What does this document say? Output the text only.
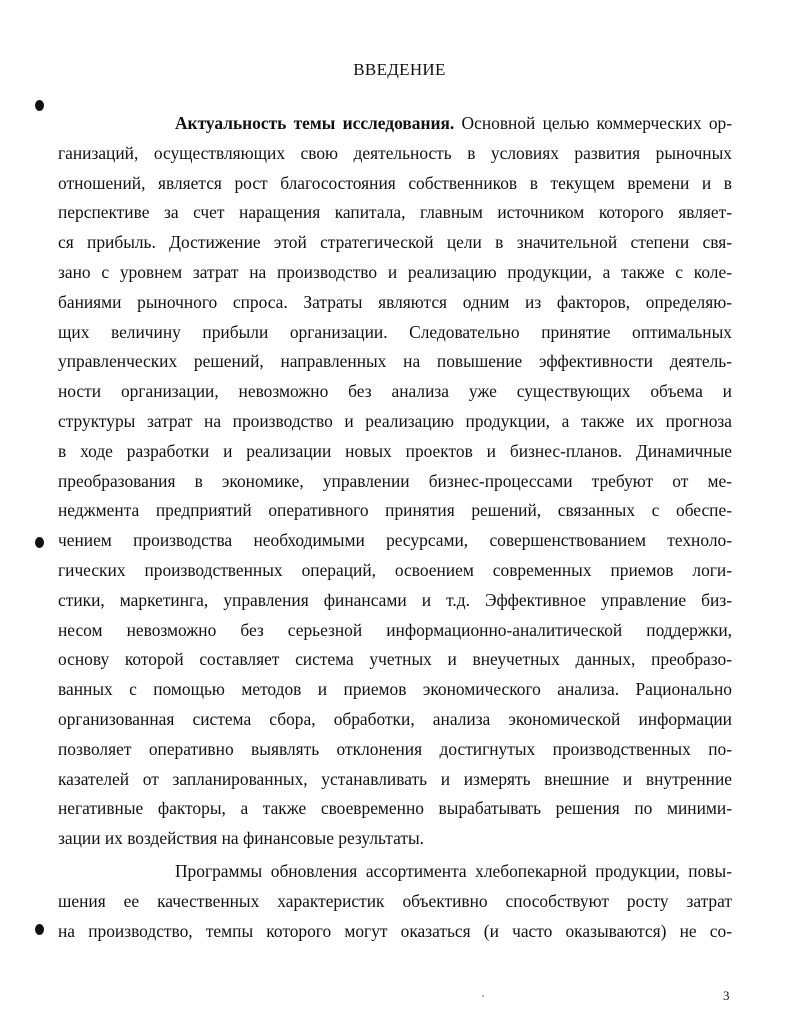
ВВЕДЕНИЕ
Актуальность темы исследования. Основной целью коммерческих ор-
ганизаций, осуществляющих свою деятельность в условиях развития рыночных
отношений, является рост благосостояния собственников в текущем времени и в
перспективе за счет наращения капитала, главным источником которого являет-
ся прибыль. Достижение этой стратегической цели в значительной степени свя-
зано с уровнем затрат на производство и реализацию продукции, а также с коле-
баниями рыночного спроса. Затраты являются одним из факторов, определяю-
щих величину прибыли организации. Следовательно принятие оптимальных
управленческих решений, направленных на повышение эффективности деятель-
ности организации, невозможно без анализа уже существующих объема и
структуры затрат на производство и реализацию продукции, а также их прогноза
в ходе разработки и реализации новых проектов и бизнес-планов. Динамичные
преобразования в экономике, управлении бизнес-процессами требуют от ме-
неджмента предприятий оперативного принятия решений, связанных с обеспе-
чением производства необходимыми ресурсами, совершенствованием техноло-
гических производственных операций, освоением современных приемов логи-
стики, маркетинга, управления финансами и т.д. Эффективное управление биз-
несом невозможно без серьезной информационно-аналитической поддержки,
основу которой составляет система учетных и внеучетных данных, преобразо-
ванных с помощью методов и приемов экономического анализа. Рационально
организованная система сбора, обработки, анализа экономической информации
позволяет оперативно выявлять отклонения достигнутых производственных по-
казателей от запланированных, устанавливать и измерять внешние и внутренние
негативные факторы, а также своевременно вырабатывать решения по миними-
зации их воздействия на финансовые результаты.
Программы обновления ассортимента хлебопекарной продукции, повы-
шения ее качественных характеристик объективно способствуют росту затрат
на производство, темпы которого могут оказаться (и часто оказываются) не со-
3
